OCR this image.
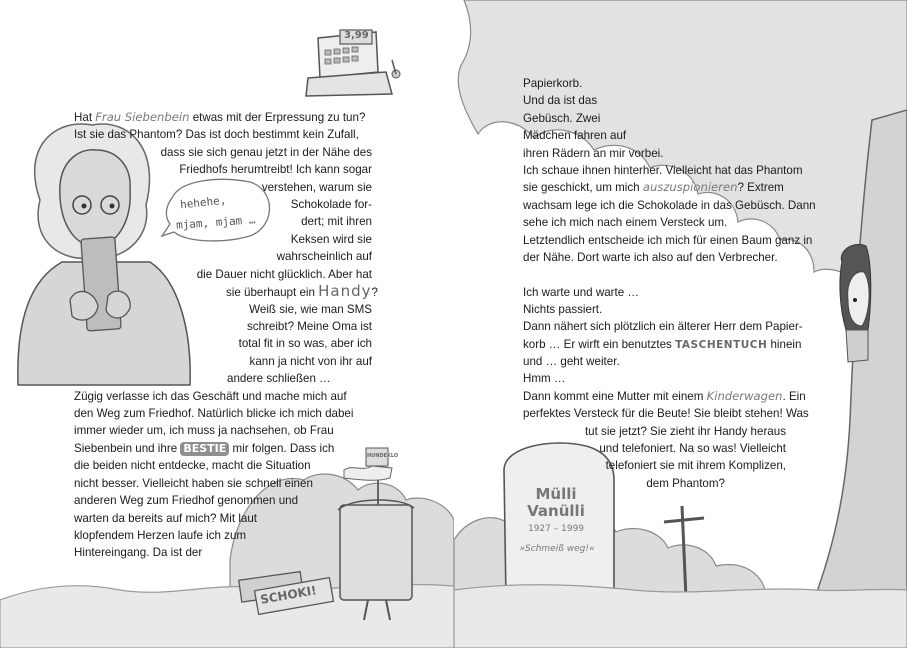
hehehe,
mjam, mjam …
3,99
HUNDEKLO
SCHOKI!
Hat Frau Siebenbein etwas mit der Erpressung zu tun?
Ist sie das Phantom? Das ist doch bestimmt kein Zufall,
dass sie sich genau jetzt in der Nähe des
Friedhofs herumtreibt! Ich kann sogar
verstehen, warum sie
Schokolade for-
dert; mit ihren
Keksen wird sie
wahrscheinlich auf
die Dauer nicht glücklich. Aber hat
sie überhaupt ein Handy?
Weiß sie, wie man SMS
schreibt? Meine Oma ist
total fit in so was, aber ich
kann ja nicht von ihr auf
andere schließen …
Zügig verlasse ich das Geschäft und mache mich auf
den Weg zum Friedhof. Natürlich blicke ich mich dabei
immer wieder um, ich muss ja nachsehen, ob Frau
Siebenbein und ihre BESTIE mir folgen. Dass ich
die beiden nicht entdecke, macht die Situation
nicht besser. Vielleicht haben sie schnell einen
anderen Weg zum Friedhof genommen und
warten da bereits auf mich? Mit laut
klopfendem Herzen laufe ich zum
Hintereingang. Da ist der
Mülli
Vanülli
1927 – 1999
»Schmeiß weg!«
Papierkorb.
Und da ist das
Gebüsch. Zwei
Mädchen fahren auf
ihren Rädern an mir vorbei.
Ich schaue ihnen hinterher. Vielleicht hat das Phantom
sie geschickt, um mich auszuspionieren? Extrem
wachsam lege ich die Schokolade in das Gebüsch. Dann
sehe ich mich nach einem Versteck um.
Letztendlich entscheide ich mich für einen Baum ganz in
der Nähe. Dort warte ich also auf den Verbrecher.
Ich warte und warte …
Nichts passiert.
Dann nähert sich plötzlich ein älterer Herr dem Papier-
korb … Er wirft ein benutztes TASCHENTUCH hinein
und … geht weiter.
Hmm …
Dann kommt eine Mutter mit einem Kinderwagen. Ein
perfektes Versteck für die Beute! Sie bleibt stehen! Was
tut sie jetzt? Sie zieht ihr Handy heraus
und telefoniert. Na so was! Vielleicht
telefoniert sie mit ihrem Komplizen,
dem Phantom?
